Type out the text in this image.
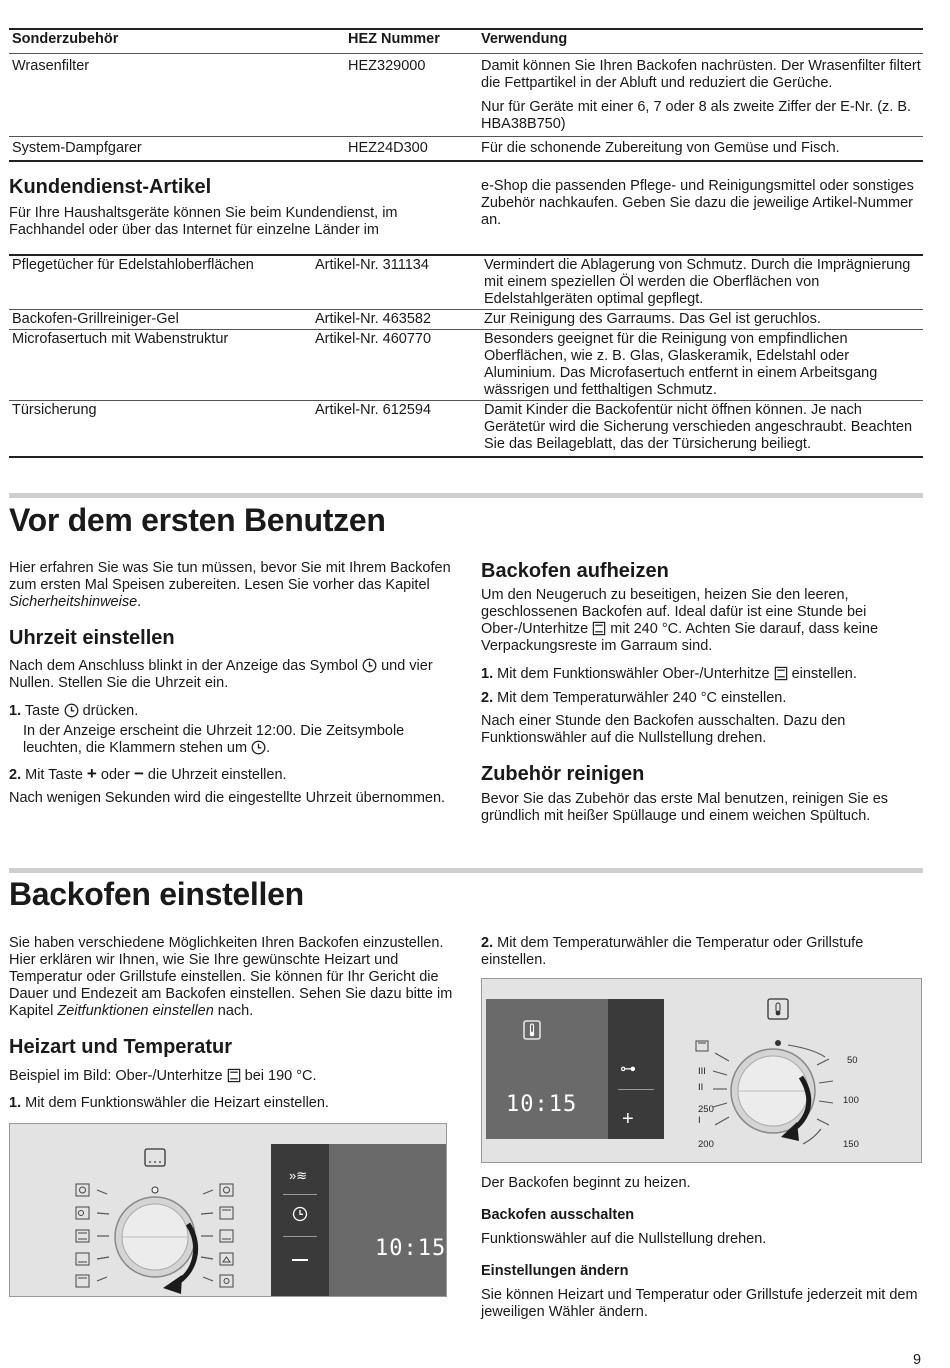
Sonderzubehör	HEZ Nummer	Verwendung
Wrasenfilter	HEZ329000	Damit können Sie Ihren Backofen nachrüsten. Der Wrasenfilter filtert die Fettpartikel in der Abluft und reduziert die Gerüche.
Nur für Geräte mit einer 6, 7 oder 8 als zweite Ziffer der E-Nr. (z. B. HBA38B750)
System-Dampfgarer	HEZ24D300	Für die schonende Zubereitung von Gemüse und Fisch.
Kundendienst-Artikel
Für Ihre Haushaltsgeräte können Sie beim Kundendienst, im Fachhandel oder über das Internet für einzelne Länder im
e-Shop die passenden Pflege- und Reinigungsmittel oder sonstiges Zubehör nachkaufen. Geben Sie dazu die jeweilige Artikel-Nummer an.
Pflegetücher für Edelstahloberflächen	Artikel-Nr. 311134	Vermindert die Ablagerung von Schmutz. Durch die Imprägnierung mit einem speziellen Öl werden die Oberflächen von Edelstahlgeräten optimal gepflegt.
Backofen-Grillreiniger-Gel	Artikel-Nr. 463582	Zur Reinigung des Garraums. Das Gel ist geruchlos.
Microfasertuch mit Wabenstruktur	Artikel-Nr. 460770	Besonders geeignet für die Reinigung von empfindlichen Oberflächen, wie z. B. Glas, Glaskeramik, Edelstahl oder Aluminium. Das Microfasertuch entfernt in einem Arbeitsgang wässrigen und fetthaltigen Schmutz.
Türsicherung	Artikel-Nr. 612594	Damit Kinder die Backofentür nicht öffnen können. Je nach Gerätetür wird die Sicherung verschieden angeschraubt. Beachten Sie das Beilageblatt, das der Türsicherung beiliegt.
Vor dem ersten Benutzen
Hier erfahren Sie was Sie tun müssen, bevor Sie mit Ihrem Backofen zum ersten Mal Speisen zubereiten. Lesen Sie vorher das Kapitel Sicherheitshinweise.
Uhrzeit einstellen
Nach dem Anschluss blinkt in der Anzeige das Symbol und vier Nullen. Stellen Sie die Uhrzeit ein.
1. Taste drücken.
In der Anzeige erscheint die Uhrzeit 12:00. Die Zeitsymbole leuchten, die Klammern stehen um .
2. Mit Taste + oder − die Uhrzeit einstellen.
Nach wenigen Sekunden wird die eingestellte Uhrzeit übernommen.
Backofen aufheizen
Um den Neugeruch zu beseitigen, heizen Sie den leeren, geschlossenen Backofen auf. Ideal dafür ist eine Stunde bei Ober-/Unterhitze mit 240 °C. Achten Sie darauf, dass keine Verpackungsreste im Garraum sind.
1. Mit dem Funktionswähler Ober-/Unterhitze einstellen.
2. Mit dem Temperaturwähler 240 °C einstellen.
Nach einer Stunde den Backofen ausschalten. Dazu den Funktionswähler auf die Nullstellung drehen.
Zubehör reinigen
Bevor Sie das Zubehör das erste Mal benutzen, reinigen Sie es gründlich mit heißer Spüllauge und einem weichen Spültuch.
Backofen einstellen
Sie haben verschiedene Möglichkeiten Ihren Backofen einzustellen. Hier erklären wir Ihnen, wie Sie Ihre gewünschte Heizart und Temperatur oder Grillstufe einstellen. Sie können für Ihr Gericht die Dauer und Endezeit am Backofen einstellen. Sehen Sie dazu bitte im Kapitel Zeitfunktionen einstellen nach.
Heizart und Temperatur
Beispiel im Bild: Ober-/Unterhitze bei 190 °C.
1. Mit dem Funktionswähler die Heizart einstellen.
»≋
10:15
2. Mit dem Temperaturwähler die Temperatur oder Grillstufe einstellen.
10:15
⊶
+
50
100
150
200
250
III
II
I
Der Backofen beginnt zu heizen.
Backofen ausschalten
Funktionswähler auf die Nullstellung drehen.
Einstellungen ändern
Sie können Heizart und Temperatur oder Grillstufe jederzeit mit dem jeweiligen Wähler ändern.
9
